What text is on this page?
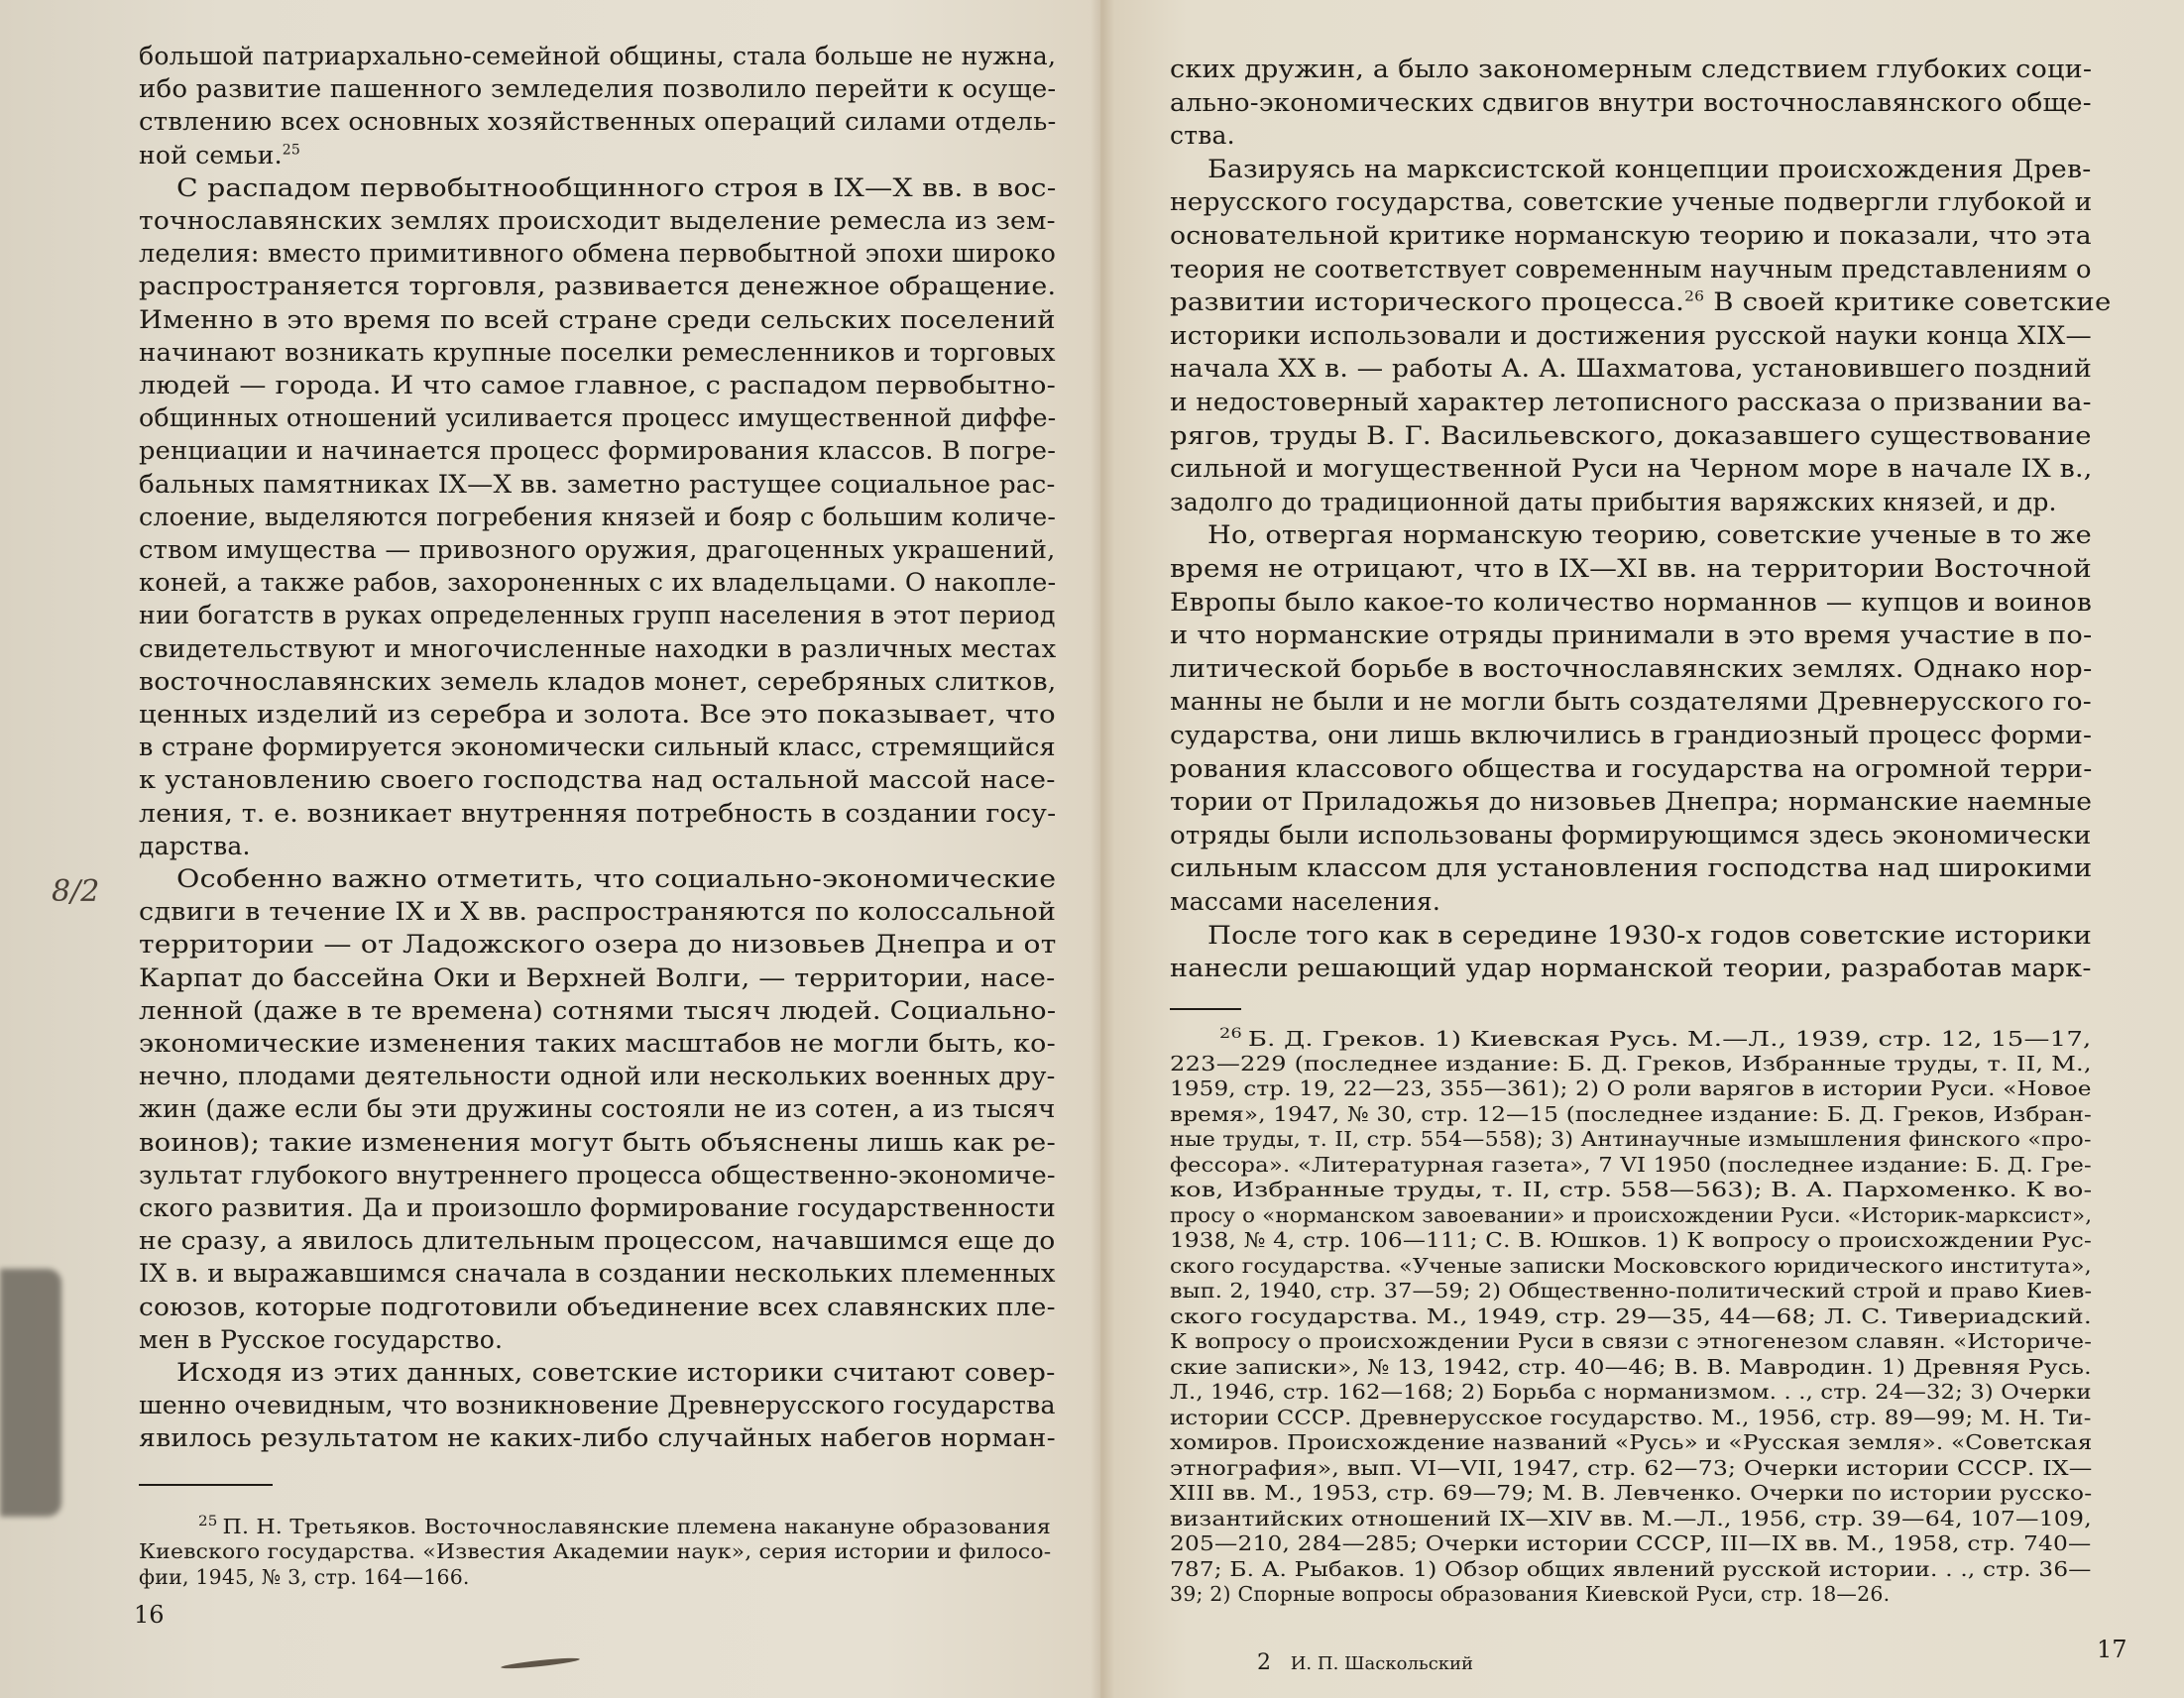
большой патриархально-семейной общины, стала больше не нужна,
ибо развитие пашенного земледелия позволило перейти к осуще-
ствлению всех основных хозяйственных операций силами отдель-
ной семьи.$^{25}$
С распадом первобытнообщинного строя в IX—X вв. в вос-
точнославянских землях происходит выделение ремесла из зем-
леделия: вместо примитивного обмена первобытной эпохи широко
распространяется торговля, развивается денежное обращение.
Именно в это время по всей стране среди сельских поселений
начинают возникать крупные поселки ремесленников и торговых
людей — города. И что самое главное, с распадом первобытно-
общинных отношений усиливается процесс имущественной диффе-
ренциации и начинается процесс формирования классов. В погре-
бальных памятниках IX—X вв. заметно растущее социальное рас-
слоение, выделяются погребения князей и бояр с большим количе-
ством имущества — привозного оружия, драгоценных украшений,
коней, а также рабов, захороненных с их владельцами. О накопле-
нии богатств в руках определенных групп населения в этот период
свидетельствуют и многочисленные находки в различных местах
восточнославянских земель кладов монет, серебряных слитков,
ценных изделий из серебра и золота. Все это показывает, что
в стране формируется экономически сильный класс, стремящийся
к установлению своего господства над остальной массой насе-
ления, т. е. возникает внутренняя потребность в создании госу-
дарства.
Особенно важно отметить, что социально-экономические
сдвиги в течение IX и X вв. распространяются по колоссальной
территории — от Ладожского озера до низовьев Днепра и от
Карпат до бассейна Оки и Верхней Волги, — территории, насе-
ленной (даже в те времена) сотнями тысяч людей. Социально-
экономические изменения таких масштабов не могли быть, ко-
нечно, плодами деятельности одной или нескольких военных дру-
жин (даже если бы эти дружины состояли не из сотен, а из тысяч
воинов); такие изменения могут быть объяснены лишь как ре-
зультат глубокого внутреннего процесса общественно-экономиче-
ского развития. Да и произошло формирование государственности
не сразу, а явилось длительным процессом, начавшимся еще до
IX в. и выражавшимся сначала в создании нескольких племенных
союзов, которые подготовили объединение всех славянских пле-
мен в Русское государство.
Исходя из этих данных, советские историки считают совер-
шенно очевидным, что возникновение Древнерусского государства
явилось результатом не каких-либо случайных набегов норман-
$^{25}$ П. Н. Третьяков. Восточнославянские племена накануне образования
Киевского государства. «Известия Академии наук», серия истории и филосо-
фии, 1945, № 3, стр. 164—166.
16
8/2
ских дружин, а было закономерным следствием глубоких соци-
ально-экономических сдвигов внутри восточнославянского обще-
ства.
Базируясь на марксистской концепции происхождения Древ-
нерусского государства, советские ученые подвергли глубокой и
основательной критике норманскую теорию и показали, что эта
теория не соответствует современным научным представлениям о
развитии исторического процесса.$^{26}$ В своей критике советские
историки использовали и достижения русской науки конца XIX—
начала XX в. — работы А. А. Шахматова, установившего поздний
и недостоверный характер летописного рассказа о призвании ва-
рягов, труды В. Г. Васильевского, доказавшего существование
сильной и могущественной Руси на Черном море в начале IX в.,
задолго до традиционной даты прибытия варяжских князей, и др.
Но, отвергая норманскую теорию, советские ученые в то же
время не отрицают, что в IX—XI вв. на территории Восточной
Европы было какое-то количество норманнов — купцов и воинов
и что норманские отряды принимали в это время участие в по-
литической борьбе в восточнославянских землях. Однако нор-
манны не были и не могли быть создателями Древнерусского го-
сударства, они лишь включились в грандиозный процесс форми-
рования классового общества и государства на огромной терри-
тории от Приладожья до низовьев Днепра; норманские наемные
отряды были использованы формирующимся здесь экономически
сильным классом для установления господства над широкими
массами населения.
После того как в середине 1930-х годов советские историки
нанесли решающий удар норманской теории, разработав марк-
$^{26}$ Б. Д. Греков. 1) Киевская Русь. М.—Л., 1939, стр. 12, 15—17,
223—229 (последнее издание: Б. Д. Греков, Избранные труды, т. II, М.,
1959, стр. 19, 22—23, 355—361); 2) О роли варягов в истории Руси. «Новое
время», 1947, № 30, стр. 12—15 (последнее издание: Б. Д. Греков, Избран-
ные труды, т. II, стр. 554—558); 3) Антинаучные измышления финского «про-
фессора». «Литературная газета», 7 VI 1950 (последнее издание: Б. Д. Гре-
ков, Избранные труды, т. II, стр. 558—563); В. А. Пархоменко. К во-
просу о «норманском завоевании» и происхождении Руси. «Историк-марксист»,
1938, № 4, стр. 106—111; С. В. Юшков. 1) К вопросу о происхождении Рус-
ского государства. «Ученые записки Московского юридического института»,
вып. 2, 1940, стр. 37—59; 2) Общественно-политический строй и право Киев-
ского государства. М., 1949, стр. 29—35, 44—68; Л. С. Тивериадский.
К вопросу о происхождении Руси в связи с этногенезом славян. «Историче-
ские записки», № 13, 1942, стр. 40—46; В. В. Мавродин. 1) Древняя Русь.
Л., 1946, стр. 162—168; 2) Борьба с норманизмом. . ., стр. 24—32; 3) Очерки
истории СССР. Древнерусское государство. М., 1956, стр. 89—99; М. Н. Ти-
хомиров. Происхождение названий «Русь» и «Русская земля». «Советская
этнография», вып. VI—VII, 1947, стр. 62—73; Очерки истории СССР. IX—
XIII вв. М., 1953, стр. 69—79; М. В. Левченко. Очерки по истории русско-
византийских отношений IX—XIV вв. М.—Л., 1956, стр. 39—64, 107—109,
205—210, 284—285; Очерки истории СССР, III—IX вв. М., 1958, стр. 740—
787; Б. А. Рыбаков. 1) Обзор общих явлений русской истории. . ., стр. 36—
39; 2) Спорные вопросы образования Киевской Руси, стр. 18—26.
2 И. П. Шаскольский
17
